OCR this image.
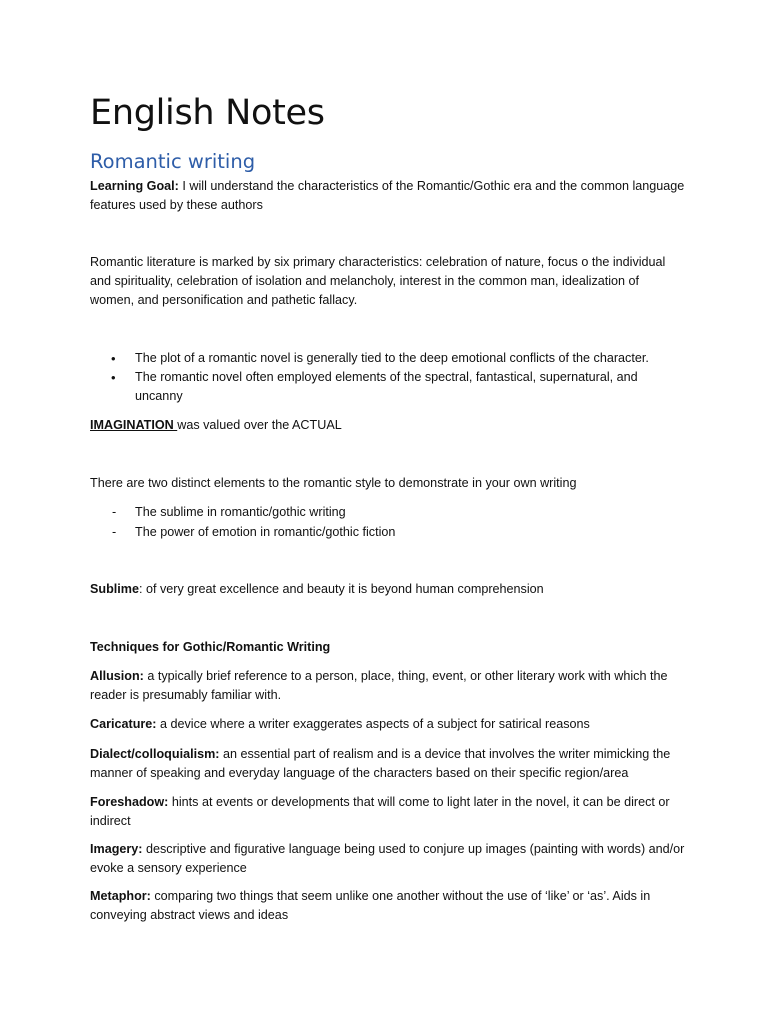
English Notes
Romantic writing

Learning Goal: I will understand the characteristics of the Romantic/Gothic era and the common language features used by these authors

Romantic literature is marked by six primary characteristics: celebration of nature, focus o the individual and spirituality, celebration of isolation and melancholy, interest in the common man, idealization of women, and personification and pathetic fallacy.

• The plot of a romantic novel is generally tied to the deep emotional conflicts of the character.
• The romantic novel often employed elements of the spectral, fantastical, supernatural, and uncanny

IMAGINATION was valued over the ACTUAL

There are two distinct elements to the romantic style to demonstrate in your own writing

- The sublime in romantic/gothic writing
- The power of emotion in romantic/gothic fiction

Sublime: of very great excellence and beauty it is beyond human comprehension

Techniques for Gothic/Romantic Writing

Allusion: a typically brief reference to a person, place, thing, event, or other literary work with which the reader is presumably familiar with.

Caricature: a device where a writer exaggerates aspects of a subject for satirical reasons

Dialect/colloquialism: an essential part of realism and is a device that involves the writer mimicking the manner of speaking and everyday language of the characters based on their specific region/area

Foreshadow: hints at events or developments that will come to light later in the novel, it can be direct or indirect

Imagery: descriptive and figurative language being used to conjure up images (painting with words) and/or evoke a sensory experience

Metaphor: comparing two things that seem unlike one another without the use of ‘like’ or ‘as’. Aids in conveying abstract views and ideas
